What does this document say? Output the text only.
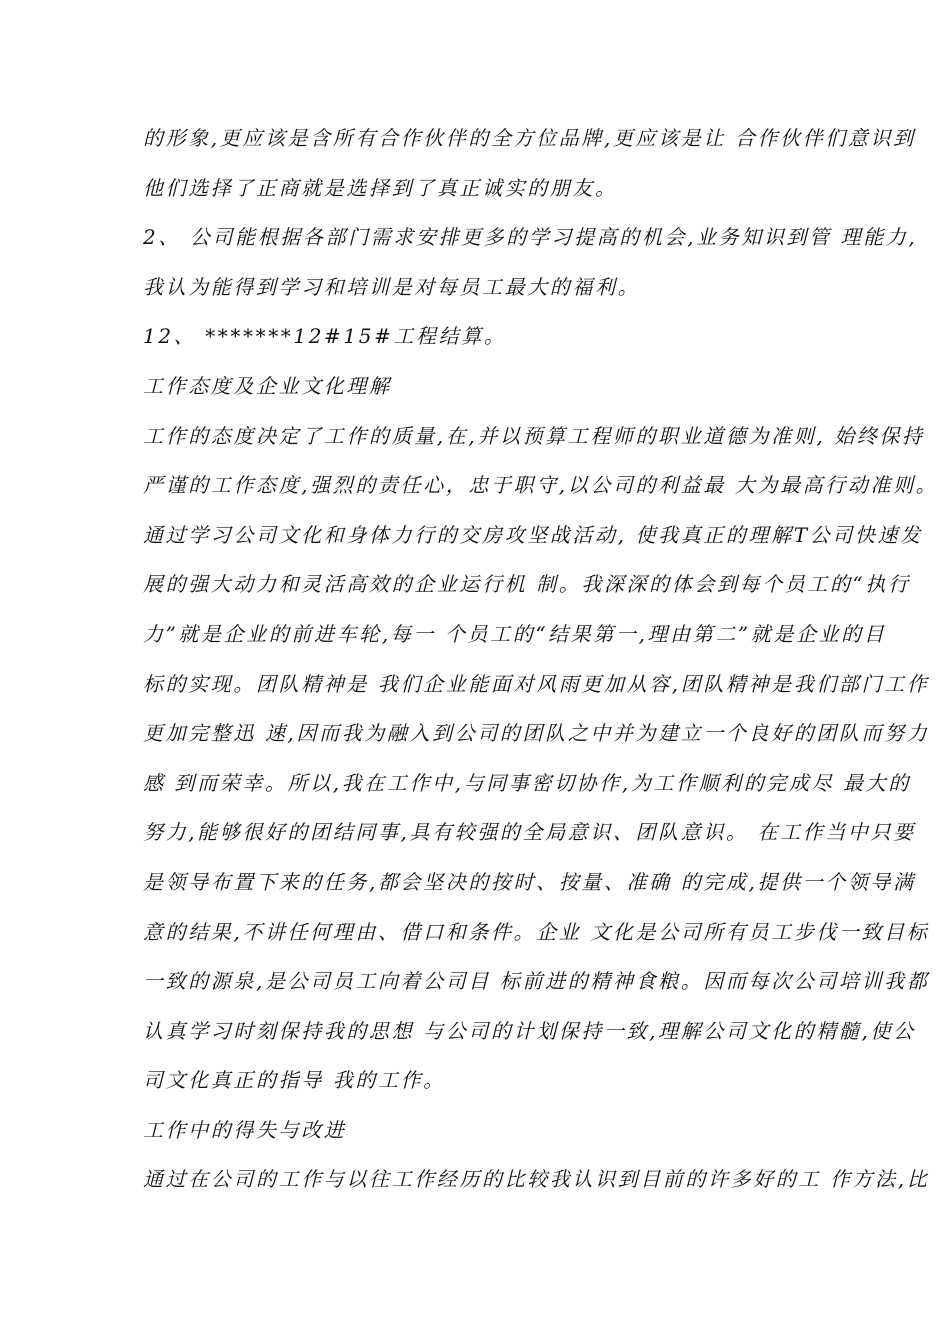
的形象,更应该是含所有合作伙伴的全方位品牌,更应该是让 合作伙伴们意识到
他们选择了正商就是选择到了真正诚实的朋友。
2、 公司能根据各部门需求安排更多的学习提高的机会,业务知识到管 理能力,
我认为能得到学习和培训是对每员工最大的福利。
12、 *******12#15#工程结算。
工作态度及企业文化理解
工作的态度决定了工作的质量,在,并以预算工程师的职业道德为准则, 始终保持
严谨的工作态度,强烈的责任心，忠于职守,以公司的利益最 大为最高行动准则。
通过学习公司文化和身体力行的交房攻坚战活动, 使我真正的理解T公司快速发
展的强大动力和灵活高效的企业运行机 制。我深深的体会到每个员工的“执行
力”就是企业的前进车轮,每一 个员工的“结果第一,理由第二”就是企业的目
标的实现。团队精神是 我们企业能面对风雨更加从容,团队精神是我们部门工作
更加完整迅 速,因而我为融入到公司的团队之中并为建立一个良好的团队而努力
感 到而荣幸。所以,我在工作中,与同事密切协作,为工作顺利的完成尽 最大的
努力,能够很好的团结同事,具有较强的全局意识、团队意识。 在工作当中只要
是领导布置下来的任务,都会坚决的按时、按量、准确 的完成,提供一个领导满
意的结果,不讲任何理由、借口和条件。企业 文化是公司所有员工步伐一致目标
一致的源泉,是公司员工向着公司目 标前进的精神食粮。因而每次公司培训我都
认真学习时刻保持我的思想 与公司的计划保持一致,理解公司文化的精髓,使公
司文化真正的指导 我的工作。
工作中的得失与改进
通过在公司的工作与以往工作经历的比较我认识到目前的许多好的工 作方法,比
